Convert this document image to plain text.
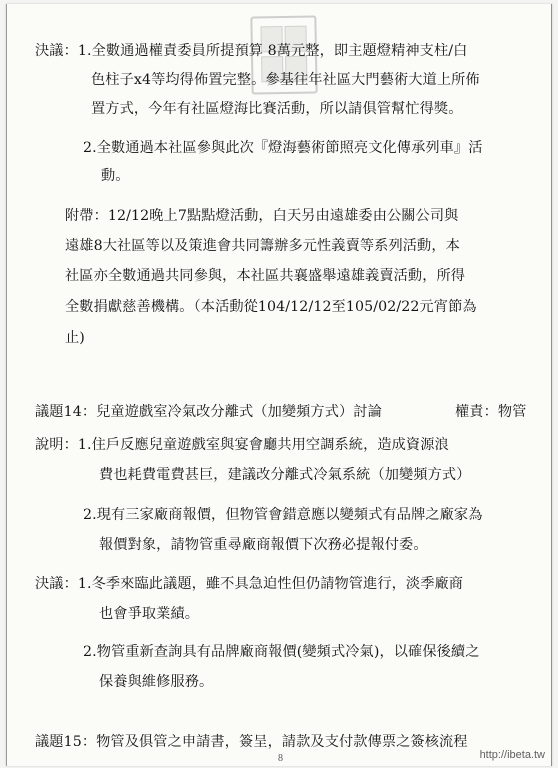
決議：1.全數通過權責委員所提預算 8萬元整，即主題燈精神支柱/白
色柱子x4等均得佈置完整。參基往年社區大門藝術大道上所佈
置方式，今年有社區燈海比賽活動，所以請俱管幫忙得獎。
2.全數通過本社區參與此次『燈海藝術節照亮文化傳承列車』活
動。
附帶：12/12晚上7點點燈活動，白天另由遠雄委由公關公司與
遠雄8大社區等以及策進會共同籌辦多元性義賣等系列活動，本
社區亦全數通過共同參與，本社區共襄盛舉遠雄義賣活動，所得
全數捐獻慈善機構。（本活動從104/12/12至105/02/22元宵節為
止)
議題14：兒童遊戲室冷氣改分離式（加變頻方式）討論	權責：物管
說明：1.住戶反應兒童遊戲室與宴會廳共用空調系統，造成資源浪
費也耗費電費甚巨，建議改分離式冷氣系統（加變頻方式）
2.現有三家廠商報價，但物管會錯意應以變頻式有品牌之廠家為
報價對象，請物管重尋廠商報價下次務必提報付委。
決議：1.冬季來臨此議題，雖不具急迫性但仍請物管進行，淡季廠商
也會爭取業績。
2.物管重新查詢具有品牌廠商報價(變頻式冷氣)，以確保後續之
保養與維修服務。
議題15：物管及俱管之申請書，簽呈，請款及支付款傳票之簽核流程
8	http://ibeta.tw
